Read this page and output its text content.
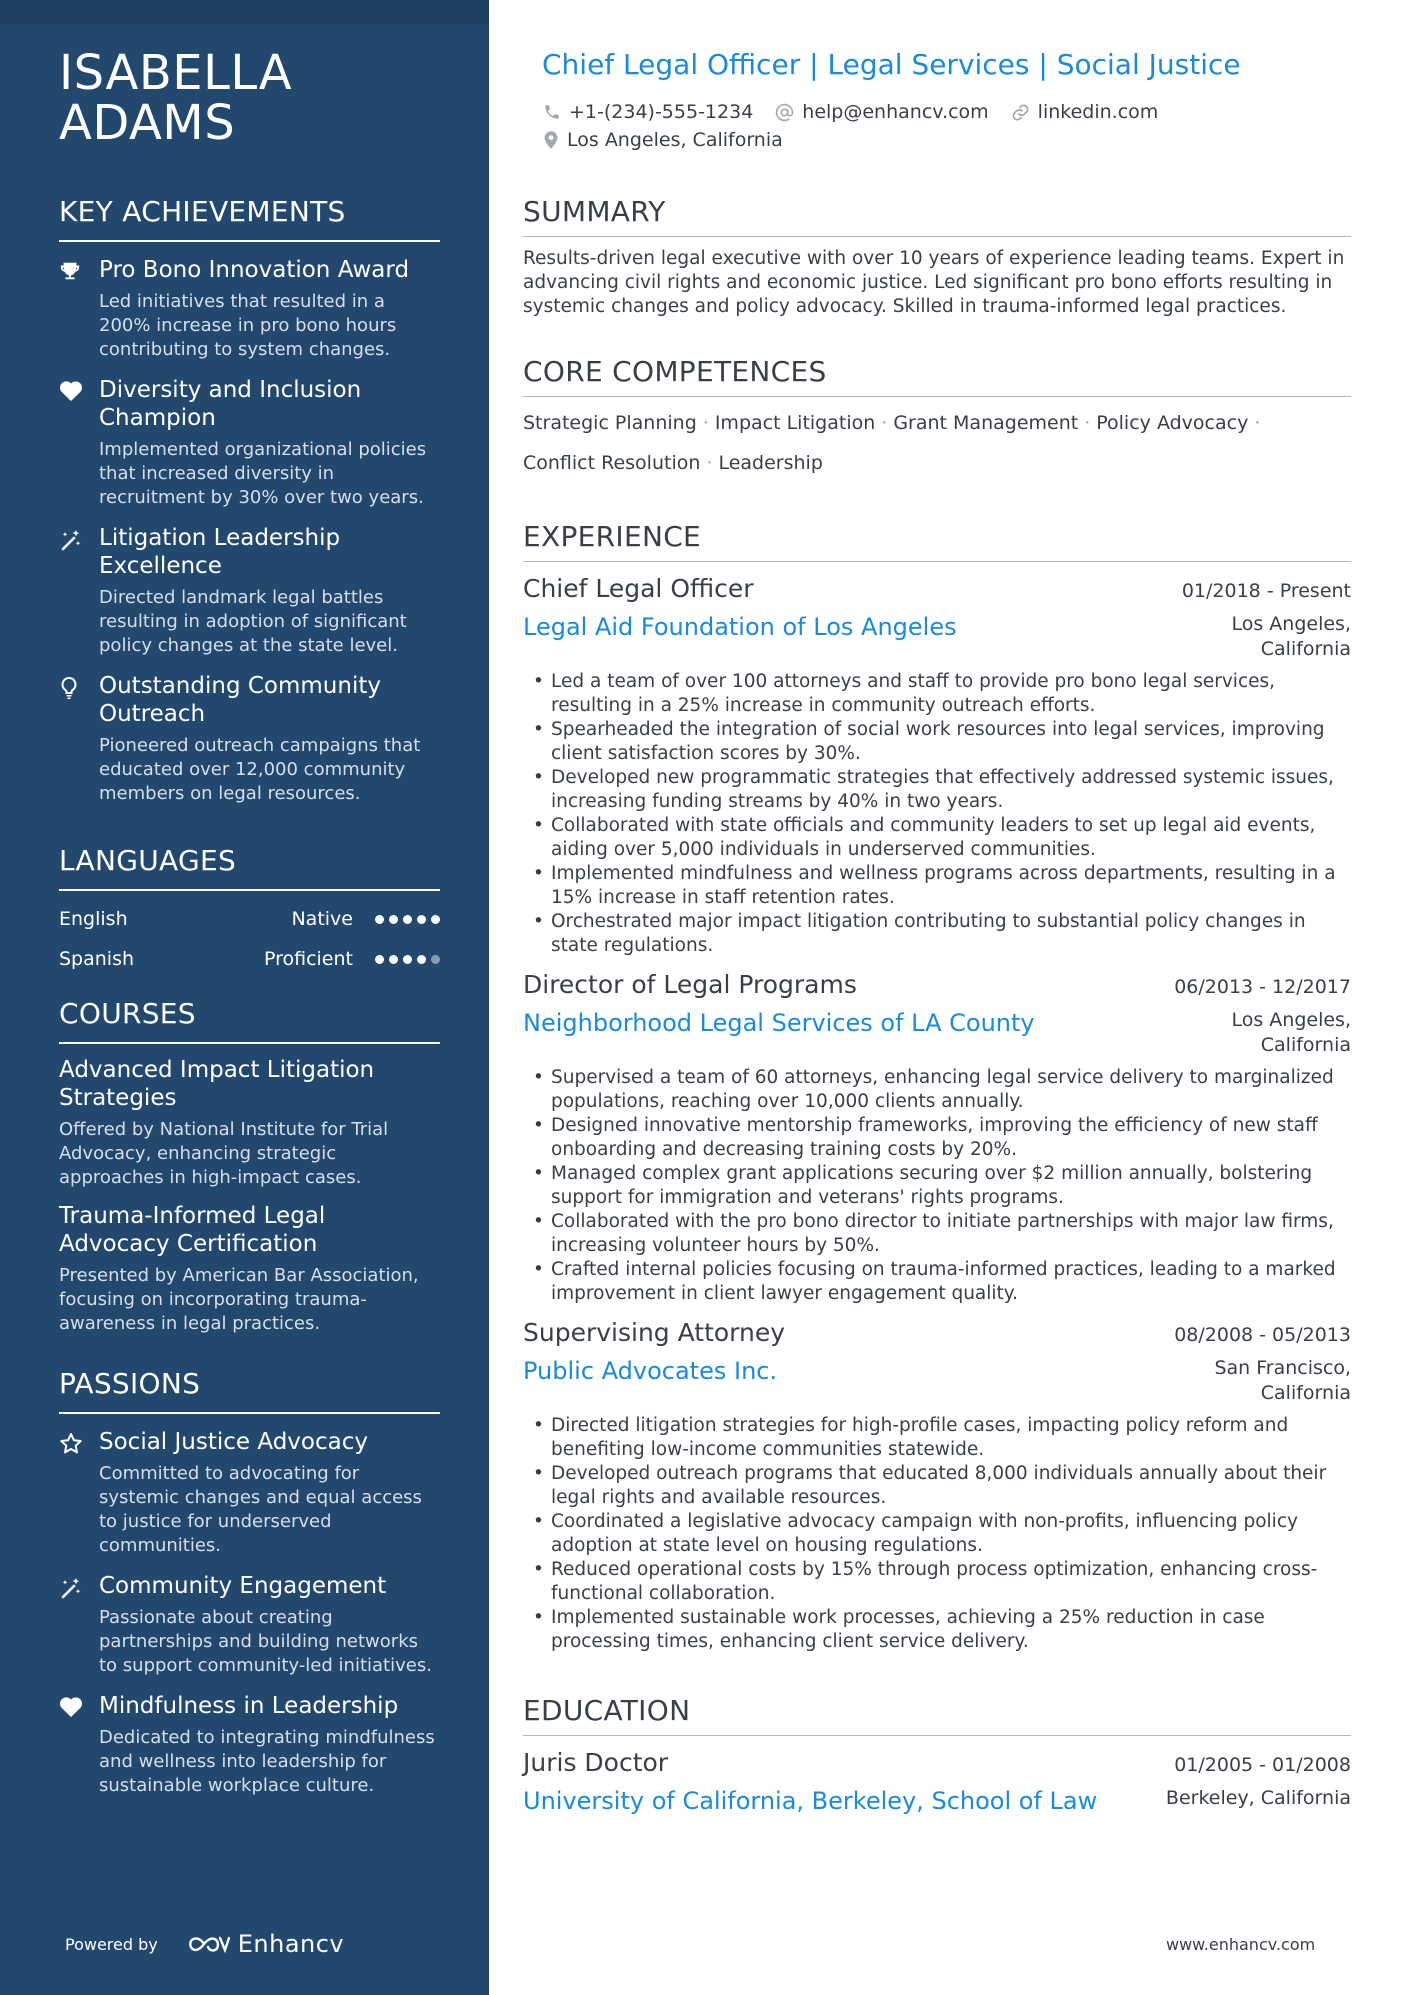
ISABELLA
ADAMS
KEY ACHIEVEMENTS
Pro Bono Innovation Award
Led initiatives that resulted in a 200% increase in pro bono hours contributing to system changes.
Diversity and Inclusion Champion
Implemented organizational policies that increased diversity in recruitment by 30% over two years.
Litigation Leadership Excellence
Directed landmark legal battles resulting in adoption of significant policy changes at the state level.
Outstanding Community Outreach
Pioneered outreach campaigns that educated over 12,000 community members on legal resources.
LANGUAGES
English	Native
Spanish	Proficient
COURSES
Advanced Impact Litigation Strategies
Offered by National Institute for Trial Advocacy, enhancing strategic approaches in high-impact cases.
Trauma-Informed Legal Advocacy Certification
Presented by American Bar Association, focusing on incorporating trauma-awareness in legal practices.
PASSIONS
Social Justice Advocacy
Committed to advocating for systemic changes and equal access to justice for underserved communities.
Community Engagement
Passionate about creating partnerships and building networks to support community-led initiatives.
Mindfulness in Leadership
Dedicated to integrating mindfulness and wellness into leadership for sustainable workplace culture.
Powered by	Enhancv
Chief Legal Officer | Legal Services | Social Justice
+1-(234)-555-1234	help@enhancv.com	linkedin.com
Los Angeles, California
SUMMARY
Results-driven legal executive with over 10 years of experience leading teams. Expert in advancing civil rights and economic justice. Led significant pro bono efforts resulting in systemic changes and policy advocacy. Skilled in trauma-informed legal practices.
CORE COMPETENCES
Strategic Planning · Impact Litigation · Grant Management · Policy Advocacy ·
Conflict Resolution · Leadership
EXPERIENCE
Chief Legal Officer	01/2018 - Present
Legal Aid Foundation of Los Angeles	Los Angeles, California
• Led a team of over 100 attorneys and staff to provide pro bono legal services, resulting in a 25% increase in community outreach efforts.
• Spearheaded the integration of social work resources into legal services, improving client satisfaction scores by 30%.
• Developed new programmatic strategies that effectively addressed systemic issues, increasing funding streams by 40% in two years.
• Collaborated with state officials and community leaders to set up legal aid events, aiding over 5,000 individuals in underserved communities.
• Implemented mindfulness and wellness programs across departments, resulting in a 15% increase in staff retention rates.
• Orchestrated major impact litigation contributing to substantial policy changes in state regulations.
Director of Legal Programs	06/2013 - 12/2017
Neighborhood Legal Services of LA County	Los Angeles, California
• Supervised a team of 60 attorneys, enhancing legal service delivery to marginalized populations, reaching over 10,000 clients annually.
• Designed innovative mentorship frameworks, improving the efficiency of new staff onboarding and decreasing training costs by 20%.
• Managed complex grant applications securing over $2 million annually, bolstering support for immigration and veterans' rights programs.
• Collaborated with the pro bono director to initiate partnerships with major law firms, increasing volunteer hours by 50%.
• Crafted internal policies focusing on trauma-informed practices, leading to a marked improvement in client lawyer engagement quality.
Supervising Attorney	08/2008 - 05/2013
Public Advocates Inc.	San Francisco, California
• Directed litigation strategies for high-profile cases, impacting policy reform and benefiting low-income communities statewide.
• Developed outreach programs that educated 8,000 individuals annually about their legal rights and available resources.
• Coordinated a legislative advocacy campaign with non-profits, influencing policy adoption at state level on housing regulations.
• Reduced operational costs by 15% through process optimization, enhancing cross-functional collaboration.
• Implemented sustainable work processes, achieving a 25% reduction in case processing times, enhancing client service delivery.
EDUCATION
Juris Doctor	01/2005 - 01/2008
University of California, Berkeley, School of Law	Berkeley, California
www.enhancv.com
